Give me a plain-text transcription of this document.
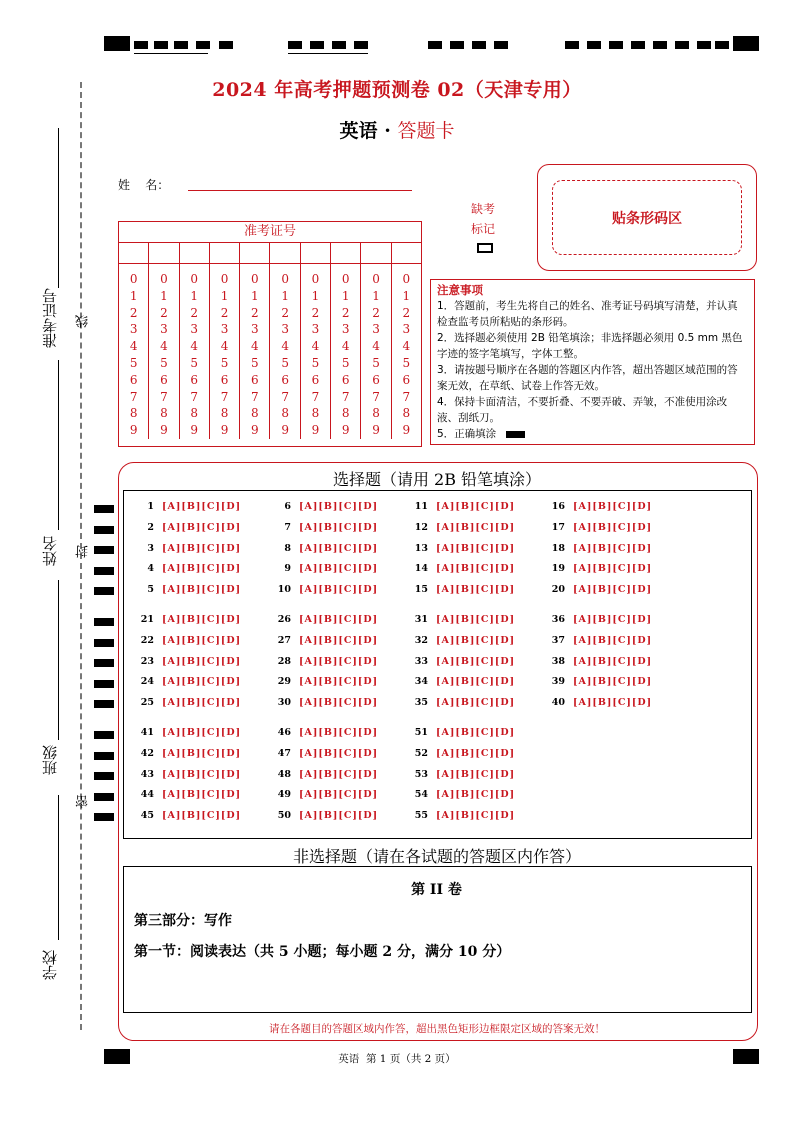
准考证号 线
姓名 封
班级
密
学校
2024 年高考押题预测卷 02（天津专用）
英语 · 答题卡
姓    名：
缺考
标记
贴条形码区
准考证号
0
1
2
3
4
5
6
7
8
9
0
1
2
3
4
5
6
7
8
9
0
1
2
3
4
5
6
7
8
9
0
1
2
3
4
5
6
7
8
9
0
1
2
3
4
5
6
7
8
9
0
1
2
3
4
5
6
7
8
9
0
1
2
3
4
5
6
7
8
9
0
1
2
3
4
5
6
7
8
9
0
1
2
3
4
5
6
7
8
9
0
1
2
3
4
5
6
7
8
9
注意事项
1．答题前，考生先将自己的姓名、准考证号码填写清楚，并认真检查监考员所粘贴的条形码。
2．选择题必须使用 2B 铅笔填涂；非选择题必须用 0.5 mm 黑色字迹的签字笔填写，字体工整。
3．请按题号顺序在各题的答题区内作答，超出答题区域范围的答案无效，在草纸、试卷上作答无效。
4．保持卡面清洁，不要折叠、不要弄破、弄皱，不准使用涂改液、刮纸刀。
5．正确填涂
选择题（请用 2B 铅笔填涂）
1 [A][B][C][D]
2 [A][B][C][D]
3 [A][B][C][D]
4 [A][B][C][D]
5 [A][B][C][D]
6 [A][B][C][D]
7 [A][B][C][D]
8 [A][B][C][D]
9 [A][B][C][D]
10 [A][B][C][D]
11 [A][B][C][D]
12 [A][B][C][D]
13 [A][B][C][D]
14 [A][B][C][D]
15 [A][B][C][D]
16 [A][B][C][D]
17 [A][B][C][D]
18 [A][B][C][D]
19 [A][B][C][D]
20 [A][B][C][D]
21 [A][B][C][D]
22 [A][B][C][D]
23 [A][B][C][D]
24 [A][B][C][D]
25 [A][B][C][D]
26 [A][B][C][D]
27 [A][B][C][D]
28 [A][B][C][D]
29 [A][B][C][D]
30 [A][B][C][D]
31 [A][B][C][D]
32 [A][B][C][D]
33 [A][B][C][D]
34 [A][B][C][D]
35 [A][B][C][D]
36 [A][B][C][D]
37 [A][B][C][D]
38 [A][B][C][D]
39 [A][B][C][D]
40 [A][B][C][D]
41 [A][B][C][D]
42 [A][B][C][D]
43 [A][B][C][D]
44 [A][B][C][D]
45 [A][B][C][D]
46 [A][B][C][D]
47 [A][B][C][D]
48 [A][B][C][D]
49 [A][B][C][D]
50 [A][B][C][D]
51 [A][B][C][D]
52 [A][B][C][D]
53 [A][B][C][D]
54 [A][B][C][D]
55 [A][B][C][D]
非选择题（请在各试题的答题区内作答）
第 II 卷
第三部分：写作
第一节：阅读表达（共 5 小题；每小题 2 分，满分 10 分）
请在各题目的答题区域内作答，超出黑色矩形边框限定区域的答案无效！
英语  第 1 页（共 2 页）
